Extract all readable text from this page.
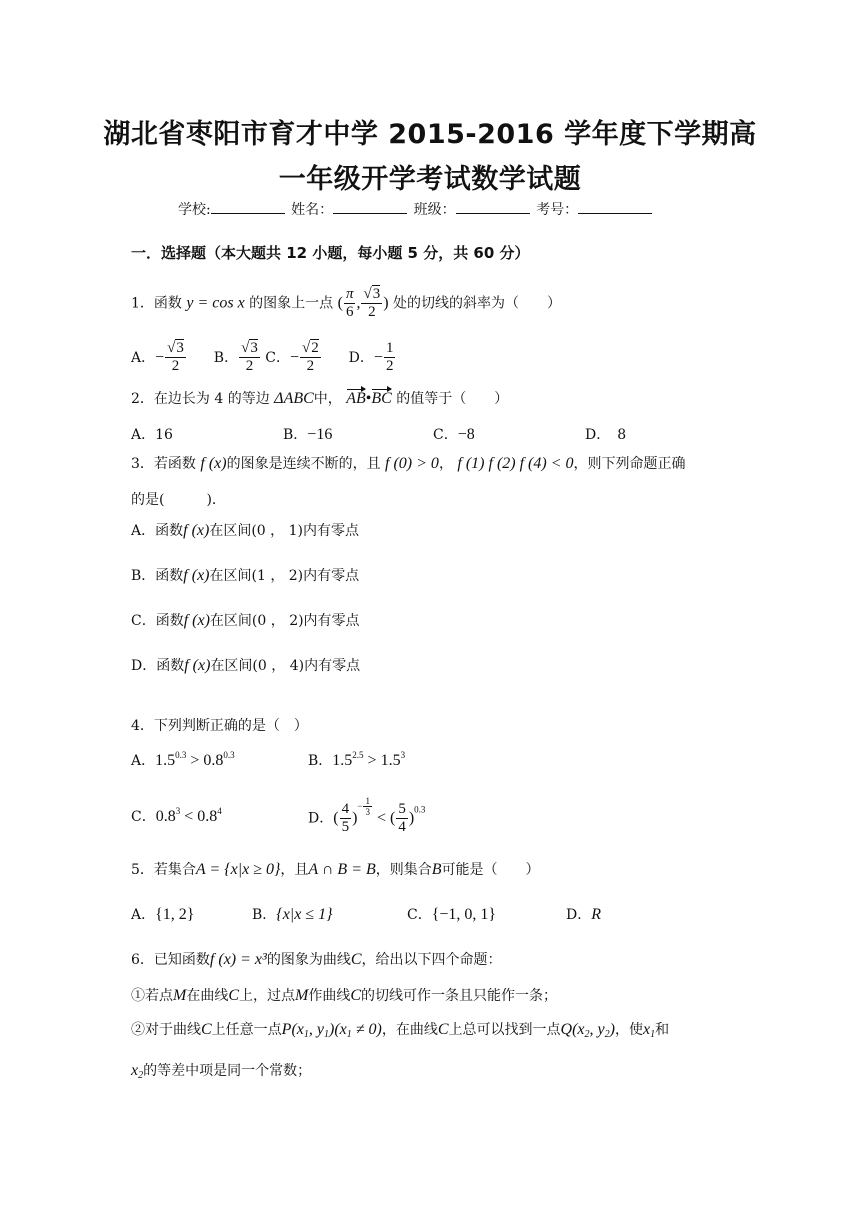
湖北省枣阳市育才中学 2015-2016 学年度下学期高
一年级开学考试数学试题
学校:	姓名：	班级：	考号：
一．选择题（本大题共 12 小题，每小题 5 分，共 60 分）
1．函数 y = cos x 的图象上一点 ( $\frac{\pi}{6}$ , $\frac{√3}{2}$ ) 处的切线的斜率为（　　）
A．− $\frac{√3}{2}$ B． $\frac{√3}{2}$ C．− $\frac{√2}{2}$ D．− $\frac{1}{2}$
2．在边长为 4 的等边 ΔABC中， AB•BC 的值等于（　　）
A．16	B．−16	C．−8	D．　8
3．若函数 f (x)的图象是连续不断的，且 f (0) > 0， f (1) f (2) f (4) < 0，则下列命题正确
的是(　　　)．
A．函数f (x)在区间(0 ， 1)内有零点
B．函数f (x)在区间(1 ， 2)内有零点
C．函数f (x)在区间(0 ， 2)内有零点
D．函数f (x)在区间(0 ， 4)内有零点
4．下列判断正确的是（　）
A．$1.5^{0.3} > 0.8^{0.3}$	B．$1.5^{2.5} > 1.5^3$
C．$0.8^3 < 0.8^4$	D．( $\frac{4}{5} )^{- \frac{1}{3}}$
< ( $\frac{5}{4} )^{0.3}$
5．若集合A = {x|x ≥ 0}，且A ∩ B = B，则集合B可能是（　　）
A．{1, 2}	B．{x|x ≤ 1}	C．{−1, 0, 1}	D．R
6．已知函数f (x) = x³的图象为曲线C，给出以下四个命题：
①若点M在曲线C上，过点M作曲线C的切线可作一条且只能作一条；
②对于曲线C上任意一点$P(x_1$, $y_1)(x_1 \ne 0)$，在曲线C上总可以找到一点$Q(x_2$, $y_2$)，使$x_1$和
$x_2$的等差中项是同一个常数；
